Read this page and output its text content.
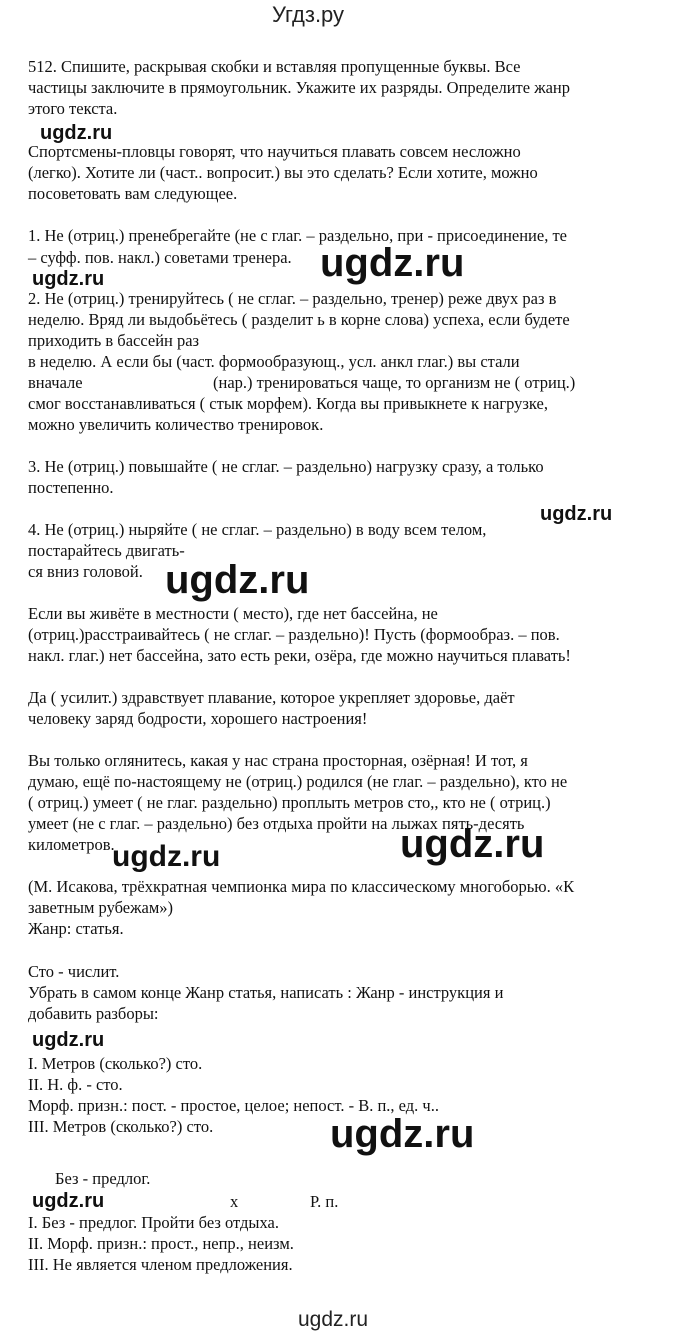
Угдз.ру
512. Спишите, раскрывая скобки и вставляя пропущенные буквы. Все
частицы заключите в прямоугольник. Укажите их разряды. Определите жанр
этого текста.
ugdz.ru
Спортсмены-пловцы говорят, что научиться плавать совсем несложно
(легко). Хотите ли (част.. вопросит.) вы это сделать? Если хотите, можно
посоветовать вам следующее.
1. Не (отриц.) пренебрегайте (не с глаг. – раздельно, при - присоединение, те
– суфф. пов. накл.) советами тренера. ugdz.ru
ugdz.ru
2. Не (отриц.) тренируйтесь ( не сглаг. – раздельно, тренер) реже двух раз в
неделю. Вряд ли выдобьётесь ( разделит ь в корне слова) успеха, если будете
приходить в бассейн раз
в неделю. А если бы (част. формообразующ., усл. анкл глаг.) вы стали
вначале	(нар.) тренироваться чаще, то организм не ( отриц.)
смог восстанавливаться ( стык морфем). Когда вы привыкнете к нагрузке,
можно увеличить количество тренировок.
3. Не (отриц.) повышайте ( не сглаг. – раздельно) нагрузку сразу, а только
постепенно.
ugdz.ru
4. Не (отриц.) ныряйте ( не сглаг. – раздельно) в воду всем телом,
постарайтесь двигать-
ся вниз головой. ugdz.ru
Если вы живёте в местности ( место), где нет бассейна, не
(отриц.)расстраивайтесь ( не сглаг. – раздельно)! Пусть (формообраз. – пов.
накл. глаг.) нет бассейна, зато есть реки, озёра, где можно научиться плавать!
Да ( усилит.) здравствует плавание, которое укрепляет здоровье, даёт
человеку заряд бодрости, хорошего настроения!
Вы только оглянитесь, какая у нас страна просторная, озёрная! И тот, я
думаю, ещё по-настоящему не (отриц.) родился (не глаг. – раздельно), кто не
( отриц.) умеет ( не глаг. раздельно) проплыть метров сто,, кто не ( отриц.)
умеет (не с глаг. – раздельно) без отдыха пройти на лыжах пять-десять
километров.	ugdz.ru
ugdz.ru
(М. Исакова, трёхкратная чемпионка мира по классическому многоборью. «К
заветным рубежам»)
Жанр: статья.
Сто - числит.
Убрать в самом конце Жанр статья, написать : Жанр - инструкция и
добавить разборы:
ugdz.ru
I. Метров (сколько?) сто.
II. Н. ф. - сто.
Морф. призн.: пост. - простое, целое; непост. - В. п., ед. ч..
III. Метров (сколько?) сто.	ugdz.ru
Без - предлог.
ugdz.ru	х	Р. п.
I. Без - предлог. Пройти без отдыха.
II. Морф. призн.: прост., непр., неизм.
III. Не является членом предложения.
ugdz.ru
